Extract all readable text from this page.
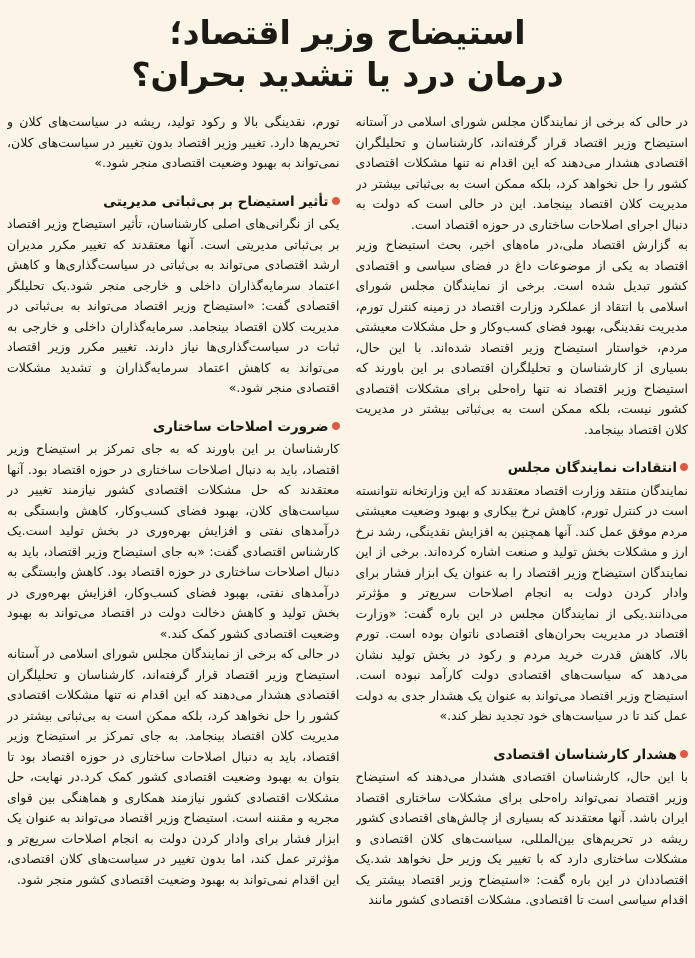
استیضاح وزیر اقتصاد؛
درمان درد یا تشدید بحران؟

در حالی که برخی از نمایندگان مجلس شورای اسلامی در آستانه استیضاح وزیر اقتصاد قرار گرفته‌اند، کارشناسان و تحلیلگران اقتصادی هشدار می‌دهند که این اقدام نه تنها مشکلات اقتصادی کشور را حل نخواهد کرد، بلکه ممکن است به بی‌ثباتی بیشتر در مدیریت کلان اقتصاد بینجامد. این در حالی است که دولت به دنبال اجرای اصلاحات ساختاری در حوزه اقتصاد است.

به گزارش اقتصاد ملی،در ماه‌های اخیر، بحث استیضاح وزیر اقتصاد به یکی از موضوعات داغ در فضای سیاسی و اقتصادی کشور تبدیل شده است. برخی از نمایندگان مجلس شورای اسلامی با انتقاد از عملکرد وزارت اقتصاد در زمینه کنترل تورم، مدیریت نقدینگی، بهبود فضای کسب‌وکار و حل مشکلات معیشتی مردم، خواستار استیضاح وزیر اقتصاد شده‌اند. با این حال، بسیاری از کارشناسان و تحلیلگران اقتصادی بر این باورند که استیضاح وزیر اقتصاد نه تنها راه‌حلی برای مشکلات اقتصادی کشور نیست، بلکه ممکن است به بی‌ثباتی بیشتر در مدیریت کلان اقتصاد بینجامد.

انتقادات نمایندگان مجلس

نمایندگان منتقد وزارت اقتصاد معتقدند که این وزارتخانه نتوانسته است در کنترل تورم، کاهش نرخ بیکاری و بهبود وضعیت معیشتی مردم موفق عمل کند. آنها همچنین به افزایش نقدینگی، رشد نرخ ارز و مشکلات بخش تولید و صنعت اشاره کرده‌اند. برخی از این نمایندگان استیضاح وزیر اقتصاد را به عنوان یک ابزار فشار برای وادار کردن دولت به انجام اصلاحات سریع‌تر و مؤثرتر می‌دانند.یکی از نمایندگان مجلس در این باره گفت: «وزارت اقتصاد در مدیریت بحران‌های اقتصادی ناتوان بوده است. تورم بالا، کاهش قدرت خرید مردم و رکود در بخش تولید نشان می‌دهد که سیاست‌های اقتصادی دولت کارآمد نبوده است. استیضاح وزیر اقتصاد می‌تواند به عنوان یک هشدار جدی به دولت عمل کند تا در سیاست‌های خود تجدید نظر کند.»

هشدار کارشناسان اقتصادی

با این حال، کارشناسان اقتصادی هشدار می‌دهند که استیضاح وزیر اقتصاد نمی‌تواند راه‌حلی برای مشکلات ساختاری اقتصاد ایران باشد. آنها معتقدند که بسیاری از چالش‌های اقتصادی کشور ریشه در تحریم‌های بین‌المللی، سیاست‌های کلان اقتصادی و مشکلات ساختاری دارد که با تغییر یک وزیر حل نخواهد شد.یک اقتصاددان در این باره گفت: «استیضاح وزیر اقتصاد بیشتر یک اقدام سیاسی است تا اقتصادی. مشکلات اقتصادی کشور مانند

تورم، نقدینگی بالا و رکود تولید، ریشه در سیاست‌های کلان و تحریم‌ها دارد. تغییر وزیر اقتصاد بدون تغییر در سیاست‌های کلان، نمی‌تواند به بهبود وضعیت اقتصادی منجر شود.»

تأثیر استیضاح بر بی‌ثباتی مدیریتی

یکی از نگرانی‌های اصلی کارشناسان، تأثیر استیضاح وزیر اقتصاد بر بی‌ثباتی مدیریتی است. آنها معتقدند که تغییر مکرر مدیران ارشد اقتصادی می‌تواند به بی‌ثباتی در سیاست‌گذاری‌ها و کاهش اعتماد سرمایه‌گذاران داخلی و خارجی منجر شود.یک تحلیلگر اقتصادی گفت: «استیضاح وزیر اقتصاد می‌تواند به بی‌ثباتی در مدیریت کلان اقتصاد بینجامد. سرمایه‌گذاران داخلی و خارجی به ثبات در سیاست‌گذاری‌ها نیاز دارند. تغییر مکرر وزیر اقتصاد می‌تواند به کاهش اعتماد سرمایه‌گذاران و تشدید مشکلات اقتصادی منجر شود.»

ضرورت اصلاحات ساختاری

کارشناسان بر این باورند که به جای تمرکز بر استیضاح وزیر اقتصاد، باید به دنبال اصلاحات ساختاری در حوزه اقتصاد بود. آنها معتقدند که حل مشکلات اقتصادی کشور نیازمند تغییر در سیاست‌های کلان، بهبود فضای کسب‌وکار، کاهش وابستگی به درآمدهای نفتی و افزایش بهره‌وری در بخش تولید است.یک کارشناس اقتصادی گفت: «به جای استیضاح وزیر اقتصاد، باید به دنبال اصلاحات ساختاری در حوزه اقتصاد بود. کاهش وابستگی به درآمدهای نفتی، بهبود فضای کسب‌وکار، افزایش بهره‌وری در بخش تولید و کاهش دخالت دولت در اقتصاد می‌تواند به بهبود وضعیت اقتصادی کشور کمک کند.»

در حالی که برخی از نمایندگان مجلس شورای اسلامی در آستانه استیضاح وزیر اقتصاد قرار گرفته‌اند، کارشناسان و تحلیلگران اقتصادی هشدار می‌دهند که این اقدام نه تنها مشکلات اقتصادی کشور را حل نخواهد کرد، بلکه ممکن است به بی‌ثباتی بیشتر در مدیریت کلان اقتصاد بینجامد. به جای تمرکز بر استیضاح وزیر اقتصاد، باید به دنبال اصلاحات ساختاری در حوزه اقتصاد بود تا بتوان به بهبود وضعیت اقتصادی کشور کمک کرد.در نهایت، حل مشکلات اقتصادی کشور نیازمند همکاری و هماهنگی بین قوای مجریه و مقننه است. استیضاح وزیر اقتصاد می‌تواند به عنوان یک ابزار فشار برای وادار کردن دولت به انجام اصلاحات سریع‌تر و مؤثرتر عمل کند، اما بدون تغییر در سیاست‌های کلان اقتصادی، این اقدام نمی‌تواند به بهبود وضعیت اقتصادی کشور منجر شود.
